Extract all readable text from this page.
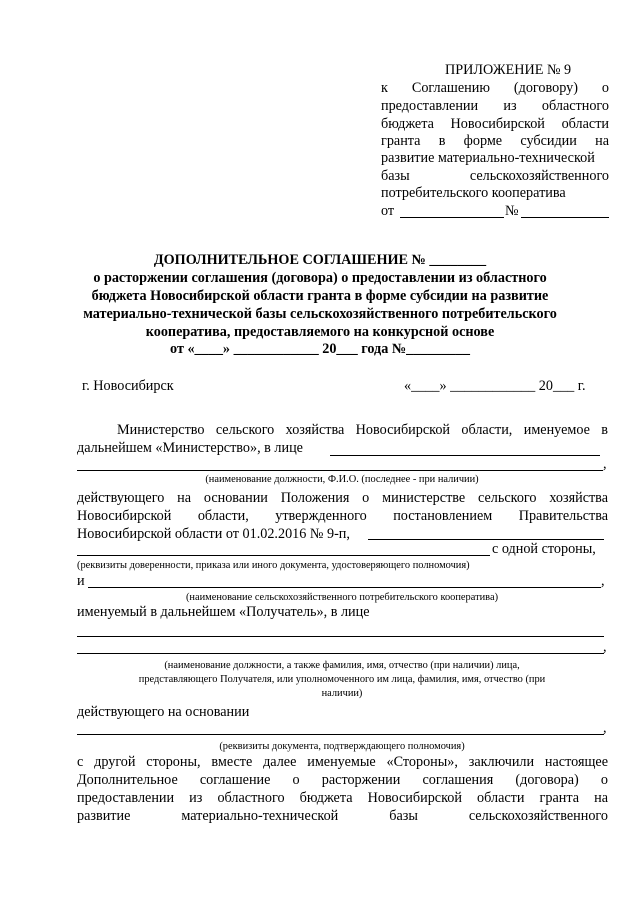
ПРИЛОЖЕНИЕ № 9
к Соглашению (договору) о
предоставлении из областного
бюджета Новосибирской области
гранта в форме субсидии на
развитие материально-технической
базы сельскохозяйственного
потребительского кооператива
от	№
ДОПОЛНИТЕЛЬНОЕ СОГЛАШЕНИЕ № ________
о расторжении соглашения (договора) о предоставлении из областного
бюджета Новосибирской области гранта в форме субсидии на развитие
материально-технической базы сельскохозяйственного потребительского
кооператива, предоставляемого на конкурсной основе
от «____» ____________ 20___ года №_________
г. Новосибирск	«____» ____________ 20___ г.
Министерство сельского хозяйства Новосибирской области, именуемое в
дальнейшем «Министерство», в лице
,
(наименование должности, Ф.И.О. (последнее - при наличии)
действующего на основании Положения о министерстве сельского хозяйства
Новосибирской области, утвержденного постановлением Правительства
Новосибирской области от 01.02.2016 № 9-п,
с одной стороны,
(реквизиты доверенности, приказа или иного документа, удостоверяющего полномочия)
и	,
(наименование сельскохозяйственного потребительского кооператива)
именуемый в дальнейшем «Получатель», в лице
,
(наименование должности, а также фамилия, имя, отчество (при наличии) лица,
представляющего Получателя, или уполномоченного им лица, фамилия, имя, отчество (при
наличии)
действующего на основании
,
(реквизиты документа, подтверждающего полномочия)
с другой стороны, вместе далее именуемые «Стороны», заключили настоящее
Дополнительное соглашение о расторжении соглашения (договора) о
предоставлении из областного бюджета Новосибирской области гранта на
развитие материально-технической базы сельскохозяйственного
